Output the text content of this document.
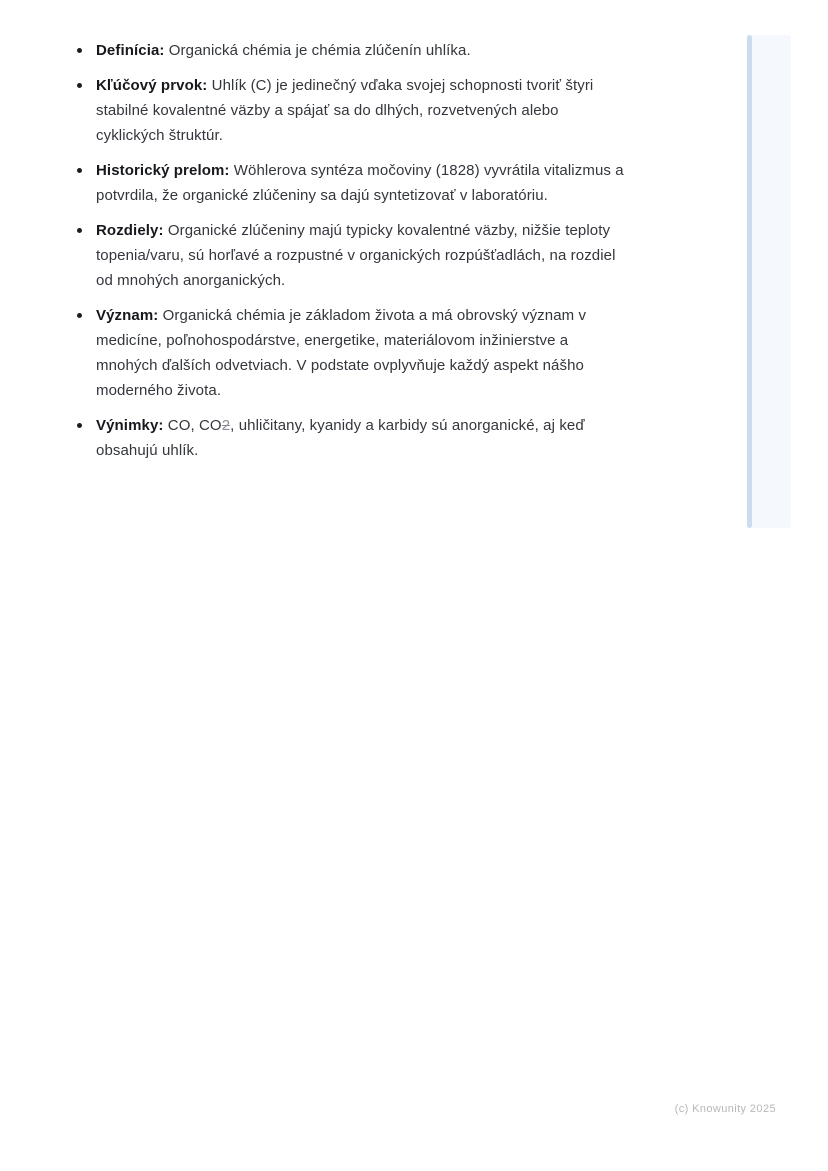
Definícia: Organická chémia je chémia zlúčenín uhlíka.
Kľúčový prvok: Uhlík (C) je jedinečný vďaka svojej schopnosti tvoriť štyri stabilné kovalentné väzby a spájať sa do dlhých, rozvetvených alebo cyklických štruktúr.
Historický prelom: Wöhlerova syntéza močoviny (1828) vyvrátila vitalizmus a potvrdila, že organické zlúčeniny sa dajú syntetizovať v laboratóriu.
Rozdiely: Organické zlúčeniny majú typicky kovalentné väzby, nižšie teploty topenia/varu, sú horľavé a rozpustné v organických rozpúšťadlách, na rozdiel od mnohých anorganických.
Význam: Organická chémia je základom života a má obrovský význam v medicíne, poľnohospodárstve, energetike, materiálovom inžinierstve a mnohých ďalších odvetviach. V podstate ovplyvňuje každý aspekt nášho moderného života.
Výnimky: CO, CO2, uhličitany, kyanidy a karbidy sú anorganické, aj keď obsahujú uhlík.
(c) Knowunity 2025
